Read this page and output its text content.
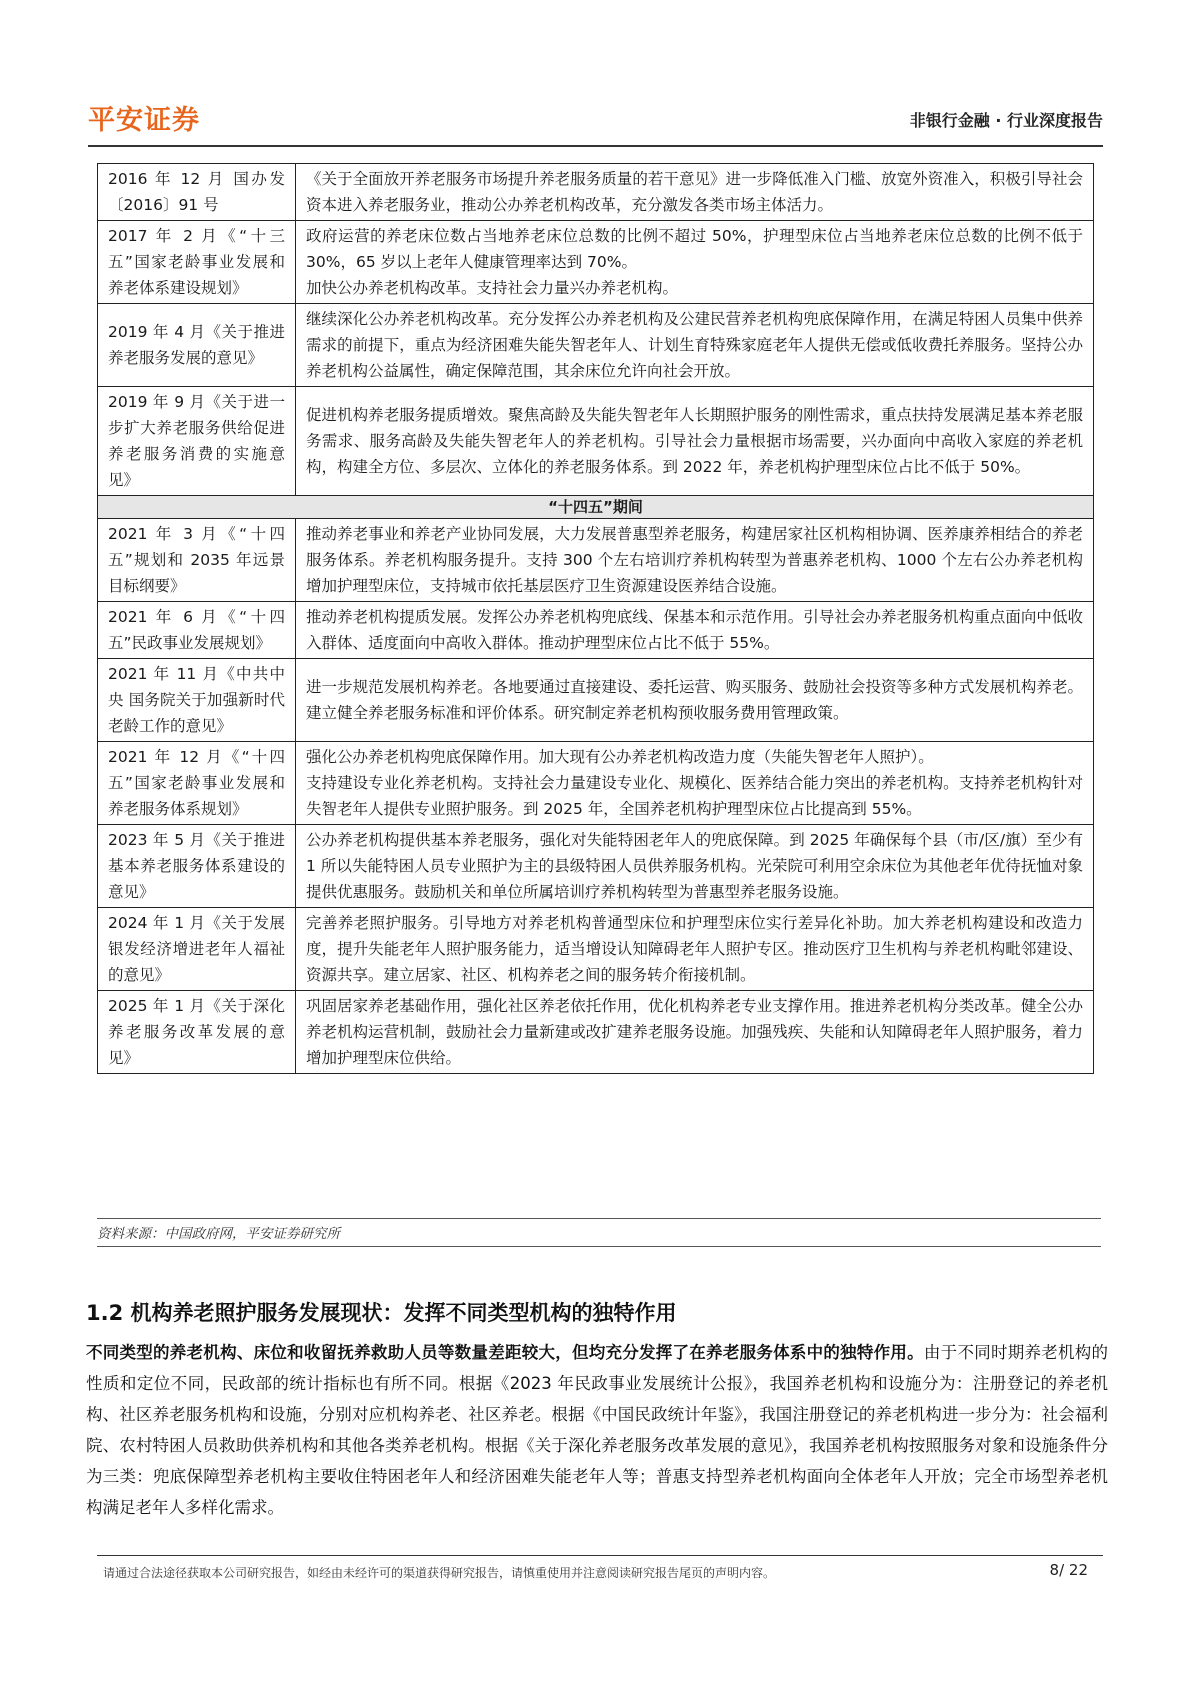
平安证券	非银行金融 · 行业深度报告
2016 年 12 月 国办发〔2016〕91 号	《关于全面放开养老服务市场提升养老服务质量的若干意见》进一步降低准入门槛、放宽外资准入，积极引导社会资本进入养老服务业，推动公办养老机构改革，充分激发各类市场主体活力。
2017 年 2 月《“十三五”国家老龄事业发展和养老体系建设规划》	政府运营的养老床位数占当地养老床位总数的比例不超过 50%，护理型床位占当地养老床位总数的比例不低于 30%，65 岁以上老年人健康管理率达到 70%。
加快公办养老机构改革。支持社会力量兴办养老机构。

2019 年 4 月《关于推进养老服务发展的意见》	继续深化公办养老机构改革。充分发挥公办养老机构及公建民营养老机构兜底保障作用，在满足特困人员集中供养需求的前提下，重点为经济困难失能失智老年人、计划生育特殊家庭老年人提供无偿或低收费托养服务。坚持公办养老机构公益属性，确定保障范围，其余床位允许向社会开放。
2019 年 9 月《关于进一步扩大养老服务供给促进养老服务消费的实施意见》	促进机构养老服务提质增效。聚焦高龄及失能失智老年人长期照护服务的刚性需求，重点扶持发展满足基本养老服务需求、服务高龄及失能失智老年人的养老机构。引导社会力量根据市场需要，兴办面向中高收入家庭的养老机构，构建全方位、多层次、立体化的养老服务体系。到 2022 年，养老机构护理型床位占比不低于 50%。
“十四五”期间	
2021 年 3 月《“十四五”规划和 2035 年远景目标纲要》	推动养老事业和养老产业协同发展，大力发展普惠型养老服务，构建居家社区机构相协调、医养康养相结合的养老服务体系。养老机构服务提升。支持 300 个左右培训疗养机构转型为普惠养老机构、1000 个左右公办养老机构增加护理型床位，支持城市依托基层医疗卫生资源建设医养结合设施。
2021 年 6 月《“十四五”民政事业发展规划》	推动养老机构提质发展。发挥公办养老机构兜底线、保基本和示范作用。引导社会办养老服务机构重点面向中低收入群体、适度面向中高收入群体。推动护理型床位占比不低于 55%。
2021 年 11 月《中共中央 国务院关于加强新时代老龄工作的意见》	进一步规范发展机构养老。各地要通过直接建设、委托运营、购买服务、鼓励社会投资等多种方式发展机构养老。建立健全养老服务标准和评价体系。研究制定养老机构预收服务费用管理政策。
2021 年 12 月《“十四五”国家老龄事业发展和养老服务体系规划》	强化公办养老机构兜底保障作用。加大现有公办养老机构改造力度（失能失智老年人照护）。
支持建设专业化养老机构。支持社会力量建设专业化、规模化、医养结合能力突出的养老机构。支持养老机构针对失智老年人提供专业照护服务。到 2025 年，全国养老机构护理型床位占比提高到 55%。

2023 年 5 月《关于推进基本养老服务体系建设的意见》	公办养老机构提供基本养老服务，强化对失能特困老年人的兜底保障。到 2025 年确保每个县（市/区/旗）至少有 1 所以失能特困人员专业照护为主的县级特困人员供养服务机构。光荣院可利用空余床位为其他老年优待抚恤对象提供优惠服务。鼓励机关和单位所属培训疗养机构转型为普惠型养老服务设施。
2024 年 1 月《关于发展银发经济增进老年人福祉的意见》	完善养老照护服务。引导地方对养老机构普通型床位和护理型床位实行差异化补助。加大养老机构建设和改造力度，提升失能老年人照护服务能力，适当增设认知障碍老年人照护专区。推动医疗卫生机构与养老机构毗邻建设、资源共享。建立居家、社区、机构养老之间的服务转介衔接机制。
2025 年 1 月《关于深化养老服务改革发展的意见》	巩固居家养老基础作用，强化社区养老依托作用，优化机构养老专业支撑作用。推进养老机构分类改革。健全公办养老机构运营机制，鼓励社会力量新建或改扩建养老服务设施。加强残疾、失能和认知障碍老年人照护服务，着力增加护理型床位供给。
资料来源：中国政府网，平安证券研究所
1.2 机构养老照护服务发展现状：发挥不同类型机构的独特作用
不同类型的养老机构、床位和收留抚养救助人员等数量差距较大，但均充分发挥了在养老服务体系中的独特作用。由于不同时期养老机构的性质和定位不同，民政部的统计指标也有所不同。根据《2023 年民政事业发展统计公报》，我国养老机构和设施分为：注册登记的养老机构、社区养老服务机构和设施，分别对应机构养老、社区养老。根据《中国民政统计年鉴》，我国注册登记的养老机构进一步分为：社会福利院、农村特困人员救助供养机构和其他各类养老机构。根据《关于深化养老服务改革发展的意见》，我国养老机构按照服务对象和设施条件分为三类：兜底保障型养老机构主要收住特困老年人和经济困难失能老年人等；普惠支持型养老机构面向全体老年人开放；完全市场型养老机构满足老年人多样化需求。
请通过合法途径获取本公司研究报告，如经由未经许可的渠道获得研究报告，请慎重使用并注意阅读研究报告尾页的声明内容。	8/ 22
